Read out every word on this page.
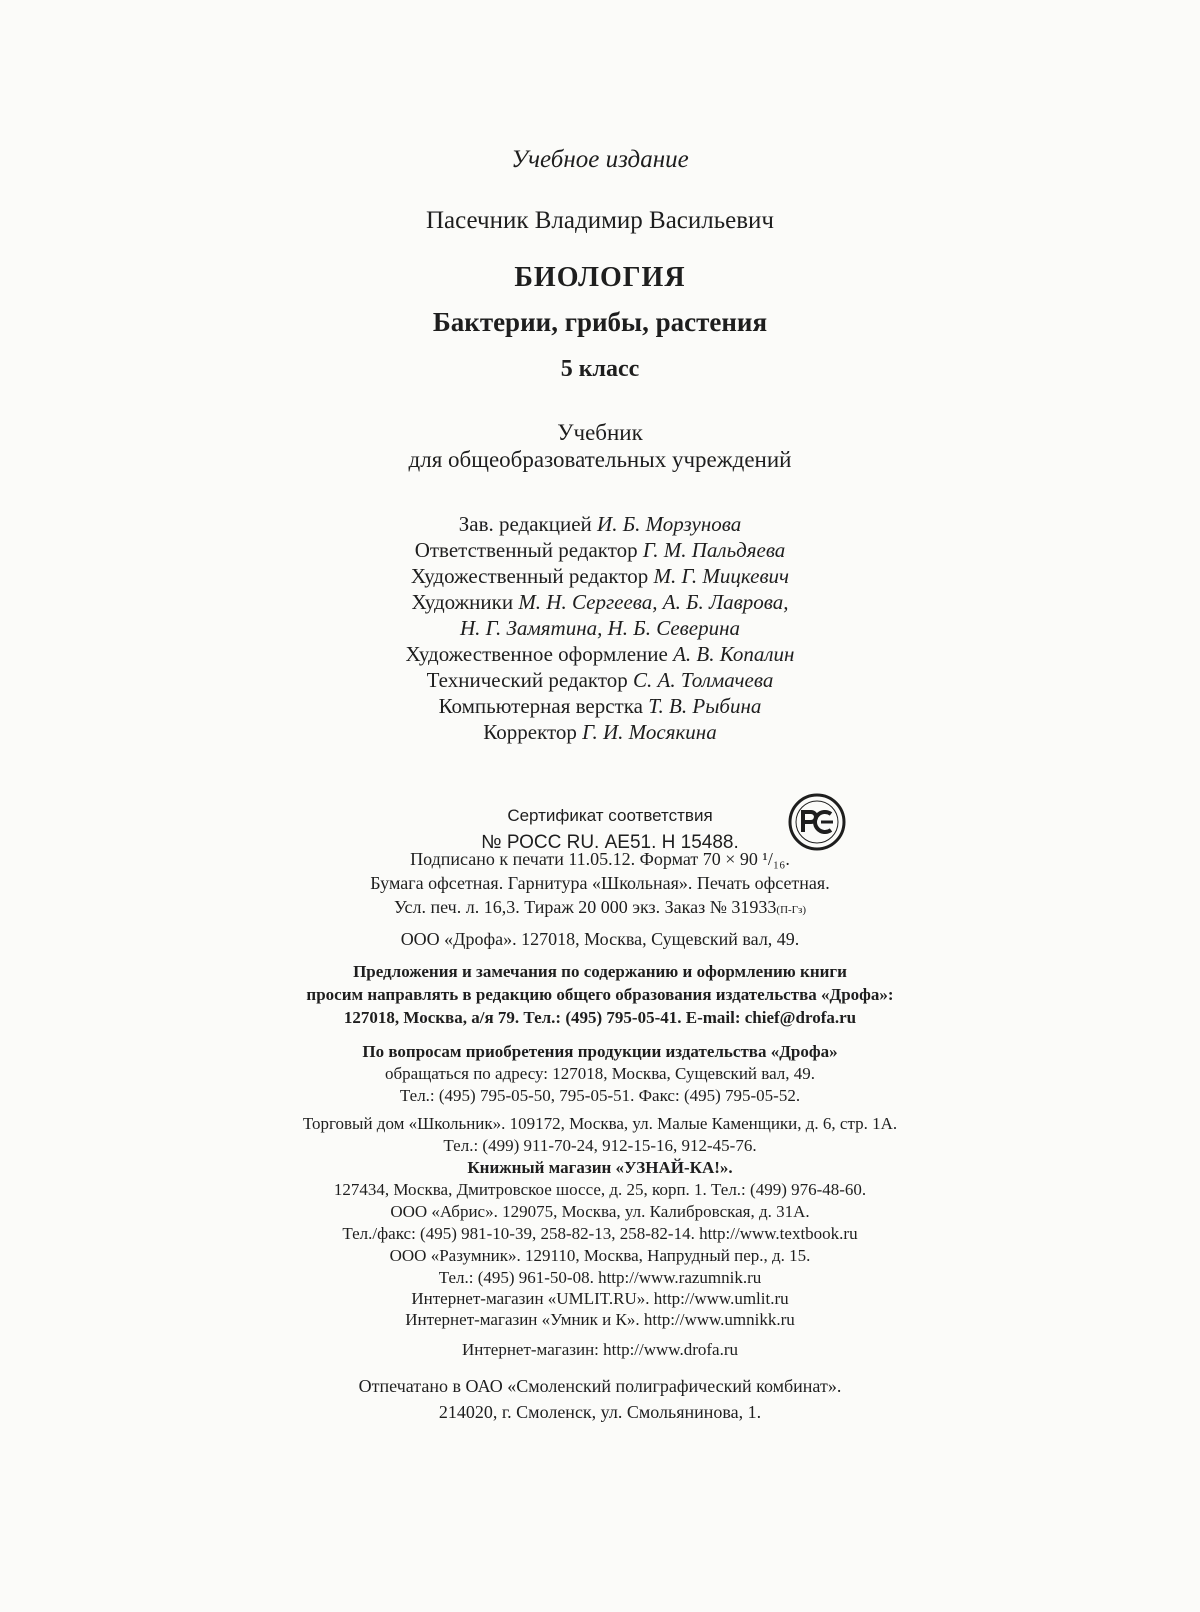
Учебное издание
Пасечник Владимир Васильевич
БИОЛОГИЯ
Бактерии, грибы, растения
5 класс
Учебник
для общеобразовательных учреждений
Зав. редакцией И. Б. Морзунова
Ответственный редактор Г. М. Пальдяева
Художественный редактор М. Г. Мицкевич
Художники М. Н. Сергеева, А. Б. Лаврова,
Н. Г. Замятина, Н. Б. Северина
Художественное оформление А. В. Копалин
Технический редактор С. А. Толмачева
Компьютерная верстка Т. В. Рыбина
Корректор Г. И. Мосякина
Сертификат соответствия
№ РОСС RU. АЕ51. Н 15488.
Подписано к печати 11.05.12. Формат 70 × 90 ¹/₁₆.
Бумага офсетная. Гарнитура «Школьная». Печать офсетная.
Усл. печ. л. 16,3. Тираж 20 000 экз. Заказ № 31933(П-Гз)
ООО «Дрофа». 127018, Москва, Сущевский вал, 49.
Предложения и замечания по содержанию и оформлению книги
просим направлять в редакцию общего образования издательства «Дрофа»:
127018, Москва, а/я 79. Тел.: (495) 795-05-41. E-mail: chief@drofa.ru
По вопросам приобретения продукции издательства «Дрофа»
обращаться по адресу: 127018, Москва, Сущевский вал, 49.
Тел.: (495) 795-05-50, 795-05-51. Факс: (495) 795-05-52.
Торговый дом «Школьник». 109172, Москва, ул. Малые Каменщики, д. 6, стр. 1А.
Тел.: (499) 911-70-24, 912-15-16, 912-45-76.
Книжный магазин «УЗНАЙ-КА!».
127434, Москва, Дмитровское шоссе, д. 25, корп. 1. Тел.: (499) 976-48-60.
ООО «Абрис». 129075, Москва, ул. Калибровская, д. 31А.
Тел./факс: (495) 981-10-39, 258-82-13, 258-82-14. http://www.textbook.ru
ООО «Разумник». 129110, Москва, Напрудный пер., д. 15.
Тел.: (495) 961-50-08. http://www.razumnik.ru
Интернет-магазин «UMLIT.RU». http://www.umlit.ru
Интернет-магазин «Умник и К». http://www.umnikk.ru
Интернет-магазин: http://www.drofa.ru
Отпечатано в ОАО «Смоленский полиграфический комбинат».
214020, г. Смоленск, ул. Смольянинова, 1.
